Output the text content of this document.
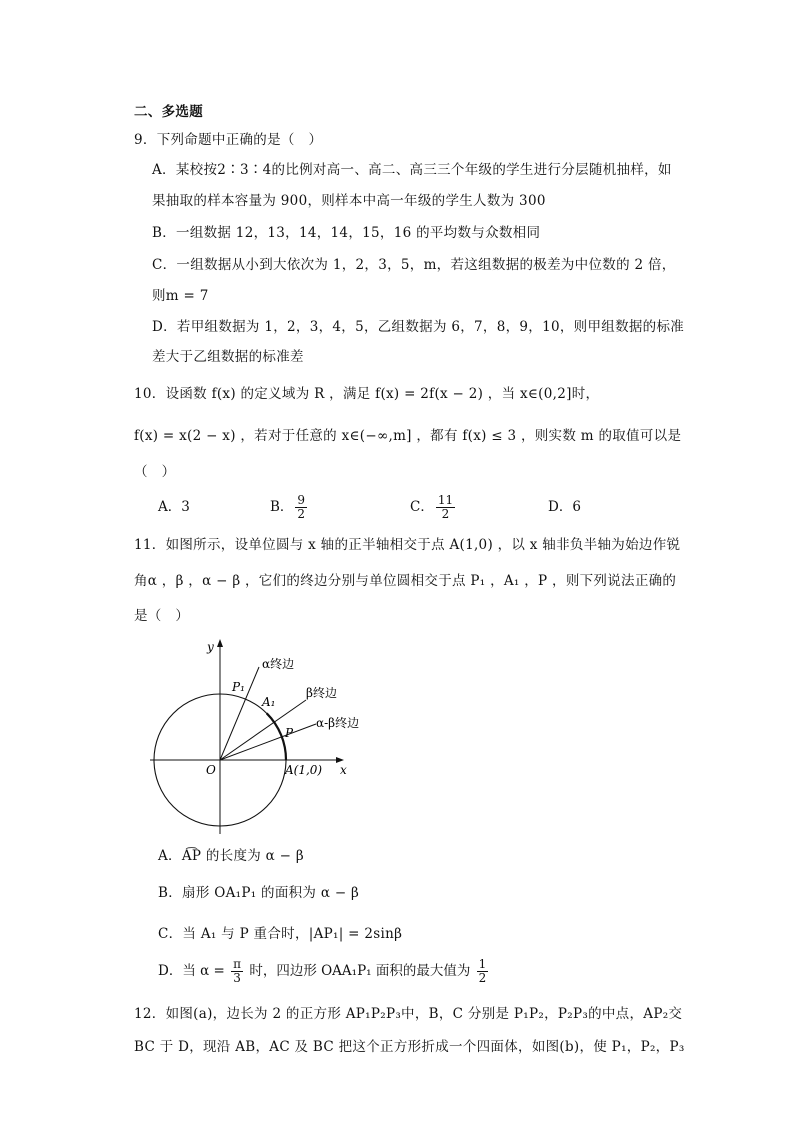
二、多选题
9．下列命题中正确的是（　）
A．某校按2∶3∶4的比例对高一、高二、高三三个年级的学生进行分层随机抽样，如
果抽取的样本容量为 900，则样本中高一年级的学生人数为 300
B．一组数据 12，13，14，14，15，16 的平均数与众数相同
C．一组数据从小到大依次为 1，2，3，5，m，若这组数据的极差为中位数的 2 倍，
则m = 7
D．若甲组数据为 1，2，3，4，5，乙组数据为 6，7，8，9，10，则甲组数据的标准
差大于乙组数据的标准差
10．设函数 f(x) 的定义域为 R ，满足 f(x) = 2f(x − 2) ，当 x∈(0,2]时，
f(x) = x(2 − x) ，若对于任意的 x∈(−∞,m] ，都有 f(x) ≤ 3 ，则实数 m 的取值可以是
（　）
A．3	B． $\frac{9}{2}$	C． $\frac{11}{2}$	D．6
11．如图所示，设单位圆与 x 轴的正半轴相交于点 A(1,0) ，以 x 轴非负半轴为始边作锐
角α ，β ，α − β ，它们的终边分别与单位圆相交于点 P₁ ，A₁ ，P ，则下列说法正确的
是（　）
y
x
O	A(1,0)
P₁
A₁
P
α终边
β终边
α-β终边
A．A͡P 的长度为 α − β
B．扇形 OA₁P₁ 的面积为 α − β
C．当 A₁ 与 P 重合时，|AP₁| = 2sinβ
D．当 $\alpha = \frac{\pi}{3}$ 时，四边形 OAA₁P₁ 面积的最大值为 $\frac{1}{2}$
12．如图(a)，边长为 2 的正方形 AP₁P₂P₃中，B，C 分别是 P₁P₂，P₂P₃的中点，AP₂交
BC 于 D，现沿 AB，AC 及 BC 把这个正方形折成一个四面体，如图(b)，使 P₁，P₂，P₃
